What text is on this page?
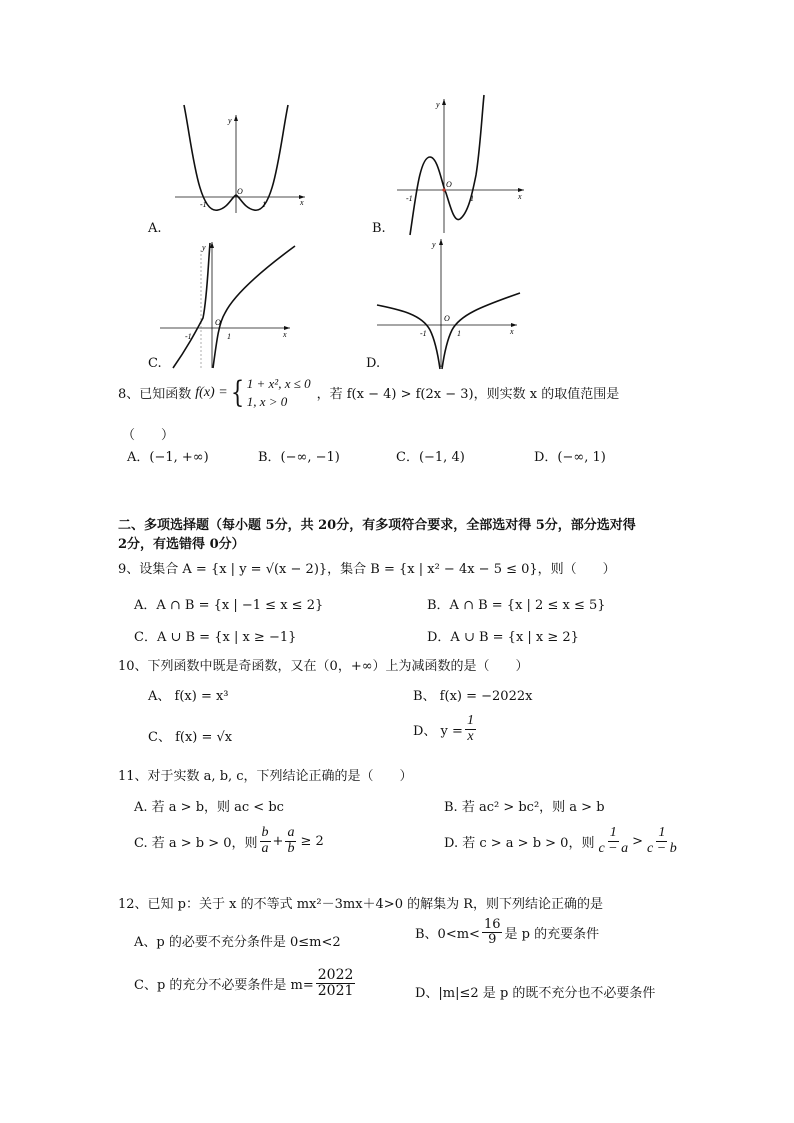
y
x
O
-1	1
A.
y
x
O
-1	1
B.
y
x
O
-1	1
C.
y
x
O
-1	1
D.
8、已知函数 f(x) = { 1 + x², x ≤ 0
1, x > 0	，若 f(x − 4) > f(2x − 3)，则实数 x 的取值范围是
（　　）
A．(−1, +∞)	B．(−∞, −1)	C．(−1, 4)	D．(−∞, 1)
二、多项选择题（每小题 5分，共 20分，有多项符合要求，全部选对得 5分，部分选对得
2分，有选错得 0分）
9、设集合 A = {x | y = √(x − 2)}，集合 B = {x | x² − 4x − 5 ≤ 0}，则（　　）
A．A ∩ B = {x | −1 ≤ x ≤ 2}	B．A ∩ B = {x | 2 ≤ x ≤ 5}
C．A ∪ B = {x | x ≥ −1}	D．A ∪ B = {x | x ≥ 2}
10、下列函数中既是奇函数，又在（0，+∞）上为减函数的是（　　）
A、 f(x) = x³	B、 f(x) = −2022x
C、 f(x) = √x	D、 $y = \frac{1}{x}$
11、对于实数 a, b, c，下列结论正确的是（　　）
A. 若 a > b，则 ac < bc	B. 若 ac² > bc²，则 a > b
C. 若 a > b > 0，则 $\frac{b}{a} + \frac{a}{b} \ge 2$	D. 若 c > a > b > 0，则 $\frac{1}{c - a} > \frac{1}{c - b}$
12、已知 p：关于 x 的不等式 mx²－3mx＋4>0 的解集为 R，则下列结论正确的是
A、p 的必要不充分条件是 0≤m<2
B、$0<m< \frac{16}{9}$ 是 p 的充要条件
C、p 的充分不必要条件是 $m= \frac{2022}{2021}$	D、|m|≤2 是 p 的既不充分也不必要条件
